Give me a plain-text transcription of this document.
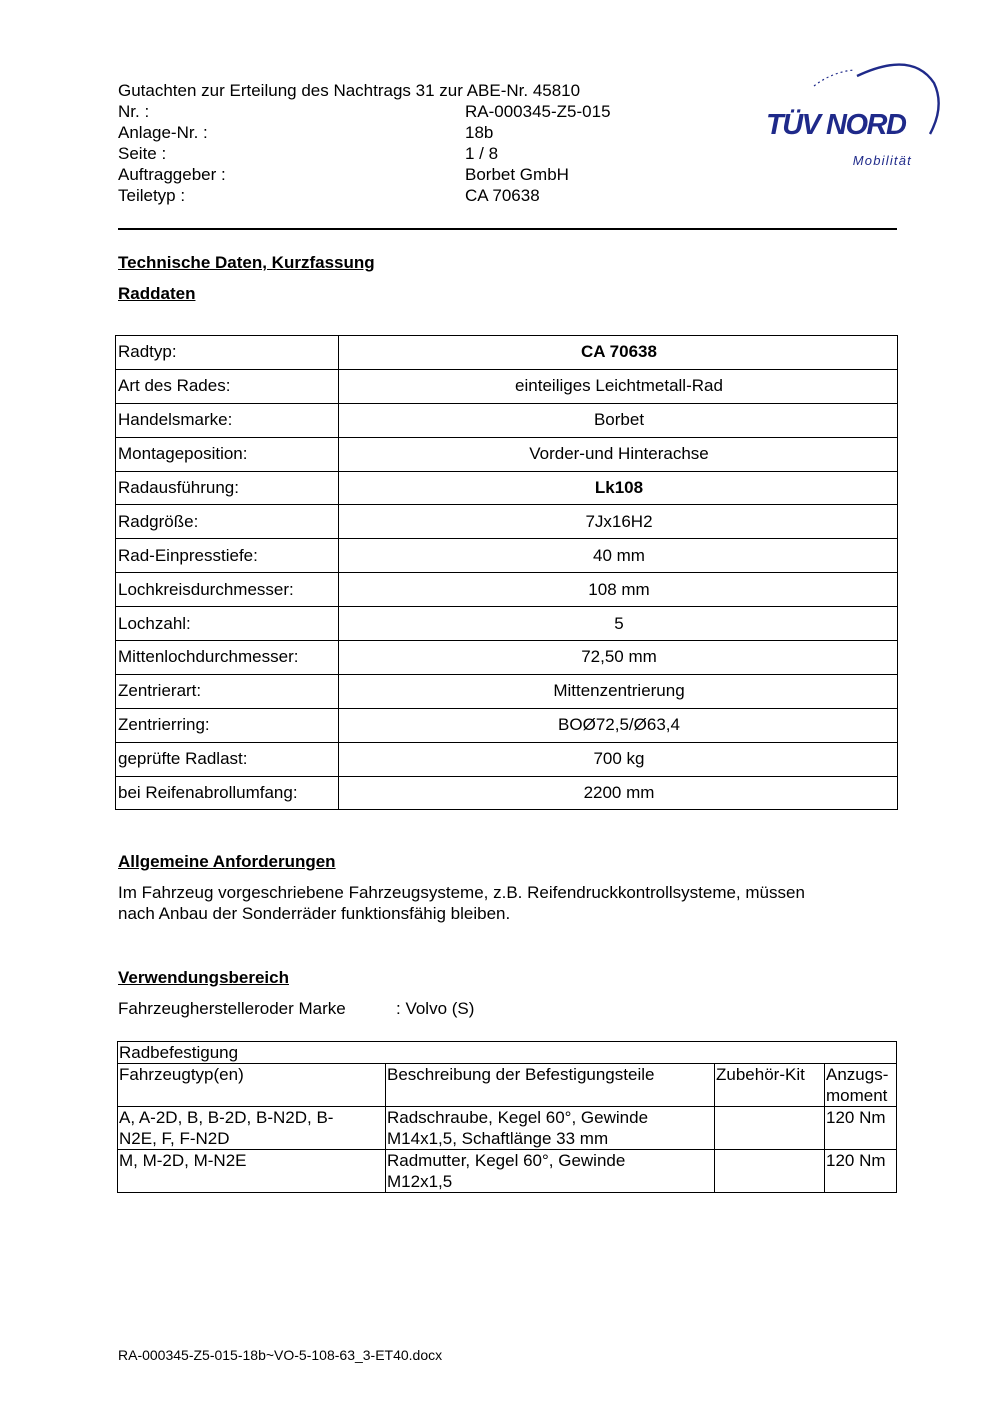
Gutachten zur Erteilung des Nachtrags 31 zur ABE-Nr. 45810
Nr. :	RA-000345-Z5-015
Anlage-Nr. :	18b
Seite :	1 / 8
Auftraggeber :	Borbet GmbH
Teiletyp :	CA 70638
TÜV NORD
Mobilität
Technische Daten, Kurzfassung
Raddaten
Radtyp:	CA 70638
Art des Rades:	einteiliges Leichtmetall-Rad
Handelsmarke:	Borbet
Montageposition:	Vorder-und Hinterachse
Radausführung:	Lk108
Radgröße:	7Jx16H2
Rad-Einpresstiefe:	40 mm
Lochkreisdurchmesser:	108 mm
Lochzahl:	5
Mittenlochdurchmesser:	72,50 mm
Zentrierart:	Mittenzentrierung
Zentrierring:	BOØ72,5/Ø63,4
geprüfte Radlast:	700 kg
bei Reifenabrollumfang:	2200 mm
Allgemeine Anforderungen
Im Fahrzeug vorgeschriebene Fahrzeugsysteme, z.B. Reifendruckkontrollsysteme, müssen
nach Anbau der Sonderräder funktionsfähig bleiben.
Verwendungsbereich
Fahrzeugherstelleroder Marke	: Volvo (S)
Radbefestigung			
Fahrzeugtyp(en)	Beschreibung der Befestigungsteile	Zubehör-Kit	Anzugs-
moment
A, A-2D, B, B-2D, B-N2D, B-
N2E, F, F-N2D	Radschraube, Kegel 60°, Gewinde
M14x1,5, Schaftlänge 33 mm		120 Nm
M, M-2D, M-N2E	Radmutter, Kegel 60°, Gewinde
M12x1,5		120 Nm
RA-000345-Z5-015-18b~VO-5-108-63_3-ET40.docx
